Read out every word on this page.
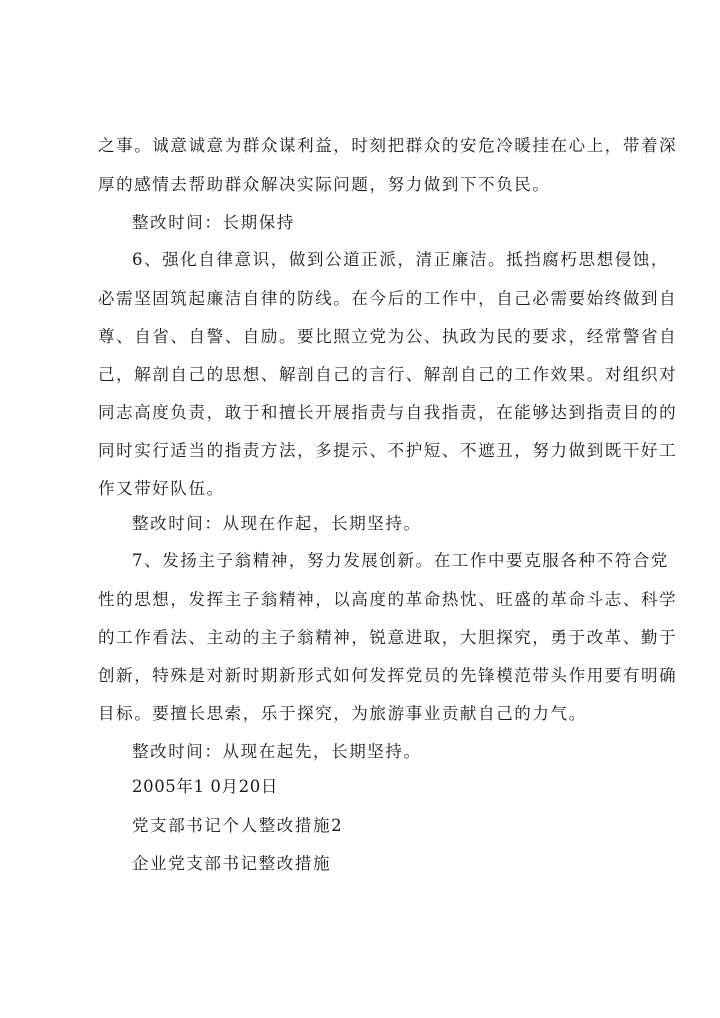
之事。诚意诚意为群众谋利益，时刻把群众的安危冷暖挂在心上，带着深
厚的感情去帮助群众解决实际问题，努力做到下不负民。
整改时间：长期保持
6、强化自律意识，做到公道正派，清正廉洁。抵挡腐朽思想侵蚀，
必需坚固筑起廉洁自律的防线。在今后的工作中，自己必需要始终做到自
尊、自省、自警、自励。要比照立党为公、执政为民的要求，经常警省自
己，解剖自己的思想、解剖自己的言行、解剖自己的工作效果。对组织对
同志高度负责，敢于和擅长开展指责与自我指责，在能够达到指责目的的
同时实行适当的指责方法，多提示、不护短、不遮丑，努力做到既干好工
作又带好队伍。
整改时间：从现在作起，长期坚持。
7、发扬主子翁精神，努力发展创新。在工作中要克服各种不符合党
性的思想，发挥主子翁精神，以高度的革命热忱、旺盛的革命斗志、科学
的工作看法、主动的主子翁精神，锐意进取，大胆探究，勇于改革、勤于
创新，特殊是对新时期新形式如何发挥党员的先锋模范带头作用要有明确
目标。要擅长思索，乐于探究，为旅游事业贡献自己的力气。
整改时间：从现在起先，长期坚持。
2005年1 0月20日
党支部书记个人整改措施2
企业党支部书记整改措施
